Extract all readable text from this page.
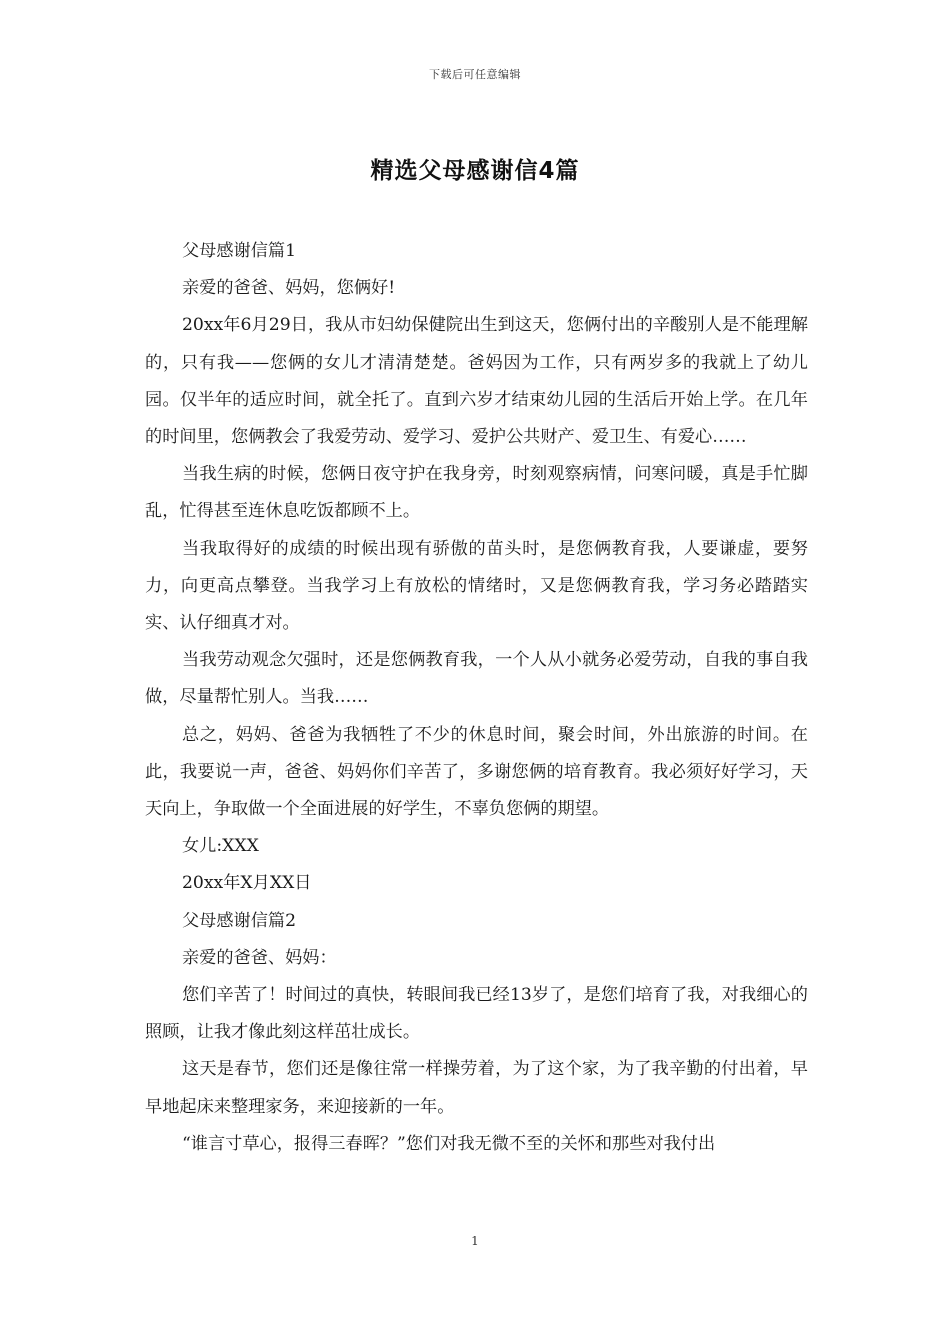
下载后可任意编辑
精选父母感谢信4篇

父母感谢信篇1

亲爱的爸爸、妈妈，您俩好!

20xx年6月29日，我从市妇幼保健院出生到这天，您俩付出的辛酸别人是不能理解的，只有我——您俩的女儿才清清楚楚。爸妈因为工作，只有两岁多的我就上了幼儿园。仅半年的适应时间，就全托了。直到六岁才结束幼儿园的生活后开始上学。在几年的时间里，您俩教会了我爱劳动、爱学习、爱护公共财产、爱卫生、有爱心……

当我生病的时候，您俩日夜守护在我身旁，时刻观察病情，问寒问暖，真是手忙脚乱，忙得甚至连休息吃饭都顾不上。

当我取得好的成绩的时候出现有骄傲的苗头时，是您俩教育我，人要谦虚，要努力，向更高点攀登。当我学习上有放松的情绪时，又是您俩教育我，学习务必踏踏实实、认仔细真才对。

当我劳动观念欠强时，还是您俩教育我，一个人从小就务必爱劳动，自我的事自我做，尽量帮忙别人。当我……

总之，妈妈、爸爸为我牺牲了不少的休息时间，聚会时间，外出旅游的时间。在此，我要说一声，爸爸、妈妈你们辛苦了，多谢您俩的培育教育。我必须好好学习，天天向上，争取做一个全面进展的好学生，不辜负您俩的期望。

女儿:XXX

20xx年X月XX日

父母感谢信篇2

亲爱的爸爸、妈妈：

您们辛苦了！时间过的真快，转眼间我已经13岁了，是您们培育了我，对我细心的照顾，让我才像此刻这样茁壮成长。

这天是春节，您们还是像往常一样操劳着，为了这个家，为了我辛勤的付出着，早早地起床来整理家务，来迎接新的一年。

“谁言寸草心，报得三春晖？”您们对我无微不至的关怀和那些对我付出

1
